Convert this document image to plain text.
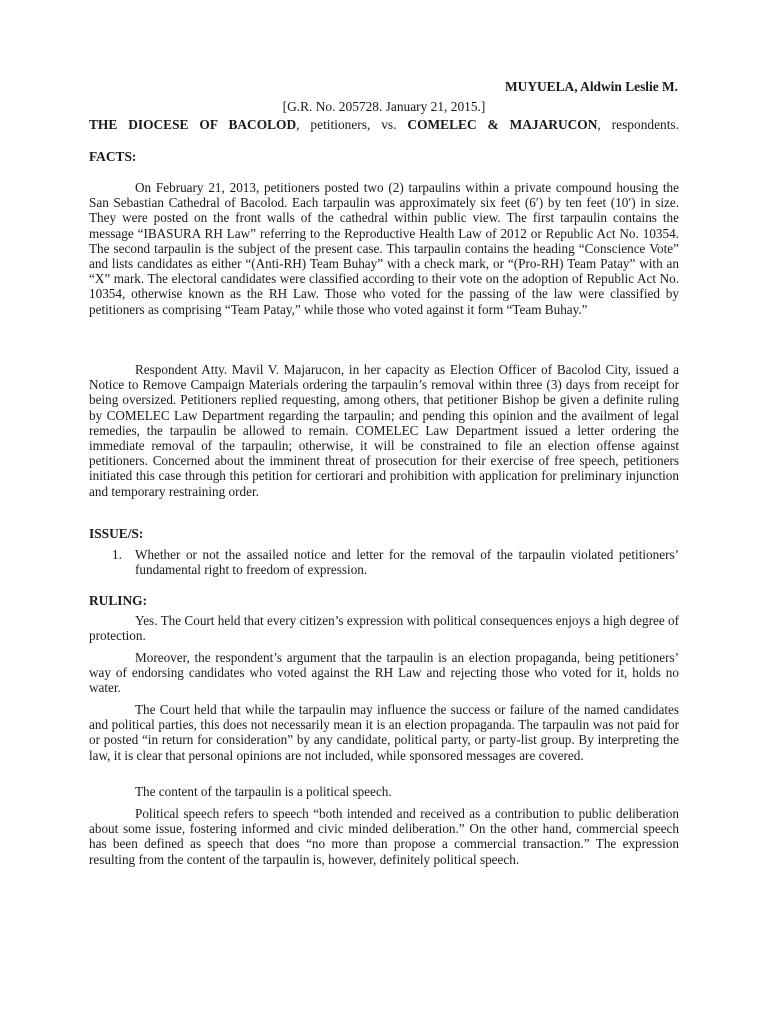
MUYUELA, Aldwin Leslie M.
[G.R. No. 205728. January 21, 2015.]
THE DIOCESE OF BACOLOD, petitioners, vs. COMELEC & MAJARUCON, respondents.
FACTS:

On February 21, 2013, petitioners posted two (2) tarpaulins within a private compound housing the San Sebastian Cathedral of Bacolod. Each tarpaulin was approximately six feet (6′) by ten feet (10′) in size. They were posted on the front walls of the cathedral within public view. The first tarpaulin contains the message “IBASURA RH Law” referring to the Reproductive Health Law of 2012 or Republic Act No. 10354. The second tarpaulin is the subject of the present case. This tarpaulin contains the heading “Conscience Vote” and lists candidates as either “(Anti-RH) Team Buhay” with a check mark, or “(Pro-RH) Team Patay” with an “X” mark. The electoral candidates were classified according to their vote on the adoption of Republic Act No. 10354, otherwise known as the RH Law. Those who voted for the passing of the law were classified by petitioners as comprising “Team Patay,” while those who voted against it form “Team Buhay.”

Respondent Atty. Mavil V. Majarucon, in her capacity as Election Officer of Bacolod City, issued a Notice to Remove Campaign Materials ordering the tarpaulin’s removal within three (3) days from receipt for being oversized. Petitioners replied requesting, among others, that petitioner Bishop be given a definite ruling by COMELEC Law Department regarding the tarpaulin; and pending this opinion and the availment of legal remedies, the tarpaulin be allowed to remain. COMELEC Law Department issued a letter ordering the immediate removal of the tarpaulin; otherwise, it will be constrained to file an election offense against petitioners. Concerned about the imminent threat of prosecution for their exercise of free speech, petitioners initiated this case through this petition for certiorari and prohibition with application for preliminary injunction and temporary restraining order.

ISSUE/S:
1. Whether or not the assailed notice and letter for the removal of the tarpaulin violated petitioners’ fundamental right to freedom of expression.
RULING:

Yes. The Court held that every citizen’s expression with political consequences enjoys a high degree of protection.

Moreover, the respondent’s argument that the tarpaulin is an election propaganda, being petitioners’ way of endorsing candidates who voted against the RH Law and rejecting those who voted for it, holds no water.

The Court held that while the tarpaulin may influence the success or failure of the named candidates and political parties, this does not necessarily mean it is an election propaganda. The tarpaulin was not paid for or posted “in return for consideration” by any candidate, political party, or party-list group. By interpreting the law, it is clear that personal opinions are not included, while sponsored messages are covered.

The content of the tarpaulin is a political speech.

Political speech refers to speech “both intended and received as a contribution to public deliberation about some issue, fostering informed and civic minded deliberation.” On the other hand, commercial speech has been defined as speech that does “no more than propose a commercial transaction.” The expression resulting from the content of the tarpaulin is, however, definitely political speech.
